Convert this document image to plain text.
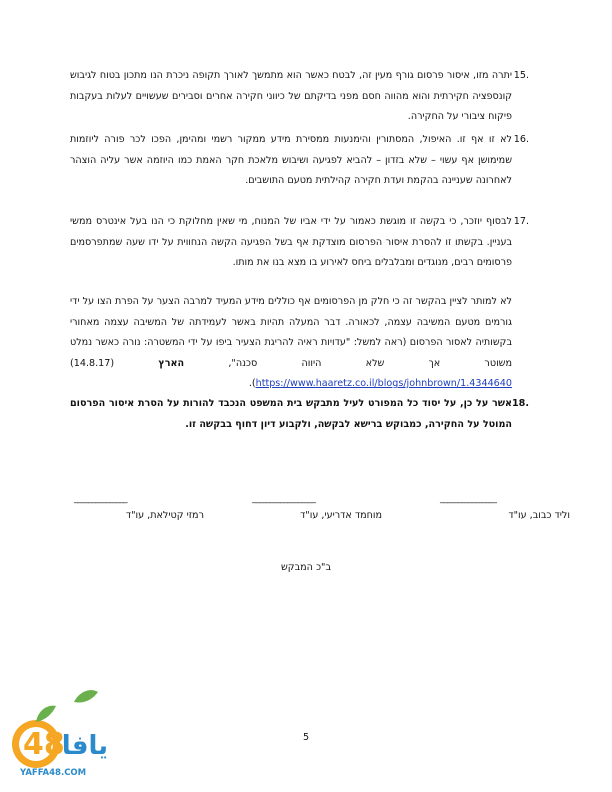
15.

יתרה מזו, איסור פרסום גורף מעין זה, לבטח כאשר הוא מתמשך לאורך תקופה ניכרת הנו מתכון בטוח לגיבוש קונספציה חקירתית והוא מהווה חסם מפני בדיקתם של כיווני חקירה אחרים וסבירים שעשויים לעלות בעקבות פיקוח ציבורי על החקירה.

16.

לא זו אף זו. האיפול, המסתורין והימנעות ממסירת מידע ממקור רשמי ומהימן, הפכו לכר פורה ליוזמות שמימושן אף עשוי – שלא בזדון – להביא לפגיעה ושיבוש מלאכת חקר האמת כמו היוזמה אשר עליה הוצהר לאחרונה שעניינה בהקמת ועדת חקירה קהילתית מטעם התושבים.

17.

לבסוף יוזכר, כי בקשה זו מוגשת כאמור על ידי אביו של המנוח, מי שאין מחלוקת כי הנו בעל אינטרס ממשי בעניין. בקשתו זו להסרת איסור הפרסום מוצדקת אף בשל הפגיעה הקשה הנחווית על ידו שעה שמתפרסמים פרסומים רבים, מנוגדים ומבלבלים ביחס לאירוע בו מצא בנו את מותו.

לא למותר לציין בהקשר זה כי חלק מן הפרסומים אף כוללים מידע המעיד למרבה הצער על הפרת הצו על ידי גורמים מטעם המשיבה עצמה, לכאורה. דבר המעלה תהיות באשר לעמידתה של המשיבה עצמה מאחורי בקשותיה לאסור הפרסום (ראה למשל: "עדויות ראיה להריגת הצעיר ביפו על ידי המשטרה: נורה כאשר נמלט משוטר אך שלא היווה סכנה", הארץ (14.8.17) https://www.haaretz.co.il/blogs/johnbrown/1.4344640).

18.

אשר על כן, על יסוד כל המפורט לעיל מתבקש בית המשפט הנכבד להורות על הסרת איסור הפרסום המוטל על החקירה, כמבוקש ברישא לבקשה, ולקבוע דיון דחוף בבקשה זו.

________________
וליד כבוב, עו"ד
__________________
מוחמד אדריעי, עו"ד
_______________
רמזי קטילאת, עו"ד
ב"כ המבקש
5
48
يافا
YAFFA48.COM
